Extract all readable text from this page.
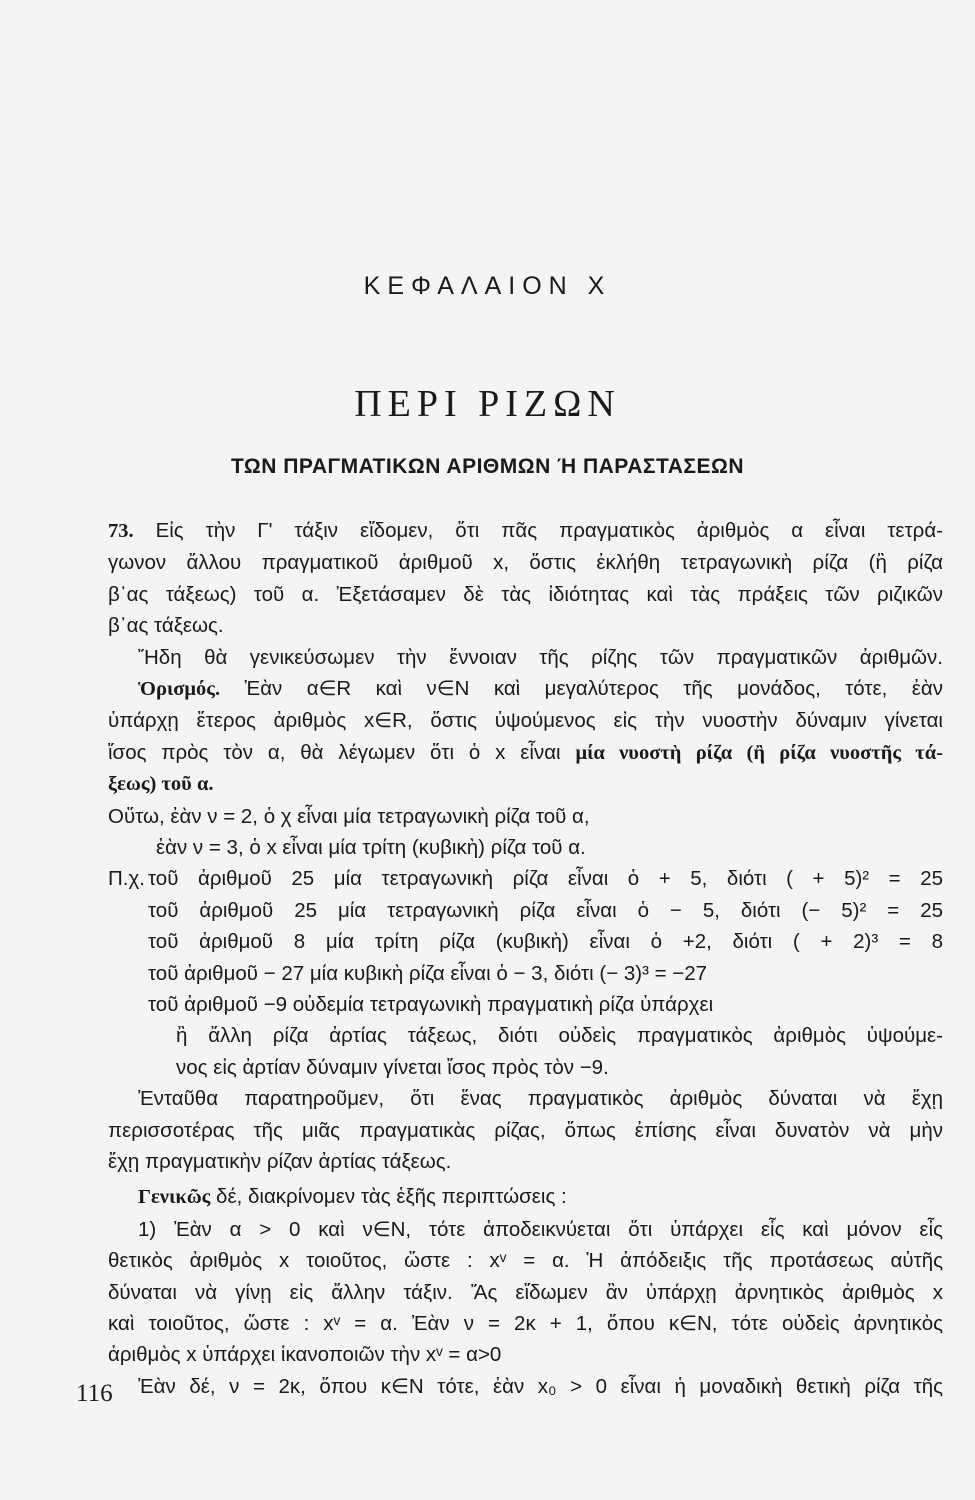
ΚΕΦΑΛΑΙΟΝ Χ
ΠΕΡΙ ΡΙΖΩΝ
ΤΩΝ ΠΡΑΓΜΑΤΙΚΩΝ ΑΡΙΘΜΩΝ Ή ΠΑΡΑΣΤΑΣΕΩΝ

73. Εἰς τὴν Γ' τάξιν εἴδομεν, ὅτι πᾶς πραγματικὸς ἀριθμὸς α εἶναι τετρά-

γωνον ἄλλου πραγματικοῦ ἀριθμοῦ x, ὅστις ἐκλήθη τετραγωνικὴ ρίζα (ἢ ρίζα

β᾿ας τάξεως) τοῦ α. Ἐξετάσαμεν δὲ τὰς ἰδιότητας καὶ τὰς πράξεις τῶν ριζικῶν

β᾿ας τάξεως.

Ἤδη θὰ γενικεύσωμεν τὴν ἔννοιαν τῆς ρίζης τῶν πραγματικῶν ἀριθμῶν.

Ὁρισμός. Ἐὰν α∈R καὶ ν∈N καὶ μεγαλύτερος τῆς μονάδος, τότε, ἐὰν

ὑπάρχῃ ἕτερος ἀριθμὸς x∈R, ὅστις ὑψούμενος εἰς τὴν νυοστὴν δύναμιν γίνεται

ἴσος πρὸς τὸν α, θὰ λέγωμεν ὅτι ὁ x εἶναι μία νυοστὴ ρίζα (ἢ ρίζα νυοστῆς τά-

ξεως) τοῦ α.

Οὕτω, ἐὰν ν = 2, ὁ χ εἶναι μία τετραγωνικὴ ρίζα τοῦ α,

ἐὰν ν = 3, ὁ x εἶναι μία τρίτη (κυβικὴ) ρίζα τοῦ α.

Π.χ. τοῦ ἀριθμοῦ 25 μία τετραγωνικὴ ρίζα εἶναι ὁ + 5, διότι ( + 5)² = 25
τοῦ ἀριθμοῦ 25 μία τετραγωνικὴ ρίζα εἶναι ὁ − 5, διότι (− 5)² = 25
τοῦ ἀριθμοῦ 8 μία τρίτη ρίζα (κυβικὴ) εἶναι ὁ +2, διότι ( + 2)³ = 8
τοῦ ἀριθμοῦ − 27 μία κυβικὴ ρίζα εἶναι ὁ − 3, διότι (− 3)³ = −27
τοῦ ἀριθμοῦ −9 οὐδεμία τετραγωνικὴ πραγματικὴ ρίζα ὑπάρχει

ἢ ἄλλη ρίζα ἀρτίας τάξεως, διότι οὐδεὶς πραγματικὸς ἀριθμὸς ὑψούμε-

νος εἰς ἀρτίαν δύναμιν γίνεται ἴσος πρὸς τὸν −9.

Ἐνταῦθα παρατηροῦμεν, ὅτι ἕνας πραγματικὸς ἀριθμὸς δύναται νὰ ἔχῃ

περισσοτέρας τῆς μιᾶς πραγματικὰς ρίζας, ὅπως ἐπίσης εἶναι δυνατὸν νὰ μὴν

ἔχῃ πραγματικὴν ρίζαν ἀρτίας τάξεως.

Γενικῶς δέ, διακρίνομεν τὰς ἑξῆς περιπτώσεις :

1) Ἐὰν α > 0 καὶ ν∈N, τότε ἀποδεικνύεται ὅτι ὑπάρχει εἷς καὶ μόνον εἷς

θετικὸς ἀριθμὸς x τοιοῦτος, ὥστε : xᵛ = α. Ἡ ἀπόδειξις τῆς προτάσεως αὐτῆς

δύναται νὰ γίνῃ εἰς ἄλλην τάξιν. Ἄς εἴδωμεν ἂν ὑπάρχῃ ἀρνητικὸς ἀριθμὸς x

καὶ τοιοῦτος, ὥστε : xᵛ = α. Ἐὰν ν = 2κ + 1, ὅπου κ∈N, τότε οὐδεὶς ἀρνητικὸς

ἀριθμὸς x ὑπάρχει ἱκανοποιῶν τὴν xᵛ = α>0

Ἐὰν δέ, ν = 2κ, ὅπου κ∈N τότε, ἐὰν x₀ > 0 εἶναι ἡ μοναδικὴ θετικὴ ρίζα τῆς

116
